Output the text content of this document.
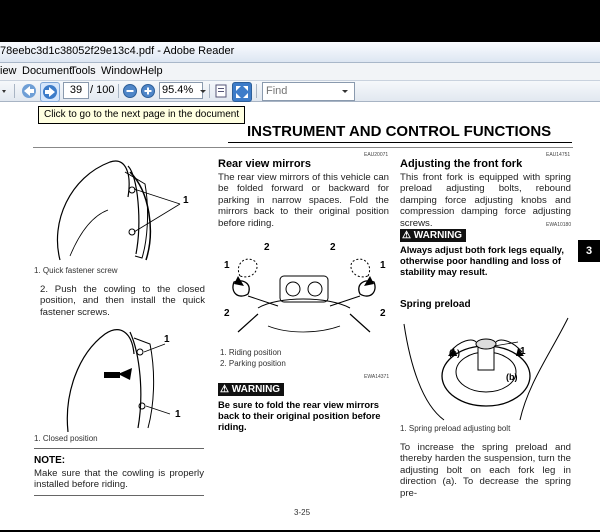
78eebc3d1c38052f29e13c4.pdf - Adobe Reader
iew Document
Tools Window Help
39
/ 100	95.4%
Find
Click to go to the next page in the document
INSTRUMENT AND CONTROL FUNCTIONS
1
1. Quick fastener screw
2. Push the cowling to the closed position, and then install the quick fastener screws.
1
1
1. Closed position
NOTE:
Make sure that the cowling is properly installed before riding.
EAU20071
Rear view mirrors
The rear view mirrors of this vehicle can be folded forward or backward for parking in narrow spaces. Fold the mirrors back to their original position before riding.
2
1
2
1
2	2
1. Riding position
2. Parking position
EWA14371
⚠ WARNING
Be sure to fold the rear view mirrors back to their original position before riding.
EAU14751
Adjusting the front fork
This front fork is equipped with spring preload adjusting bolts, rebound damping force adjusting knobs and compression damping force adjusting screws.	EWA10180
⚠ WARNING
Always adjust both fork legs equally, otherwise poor handling and loss of stability may result.
Spring preload
(a)
(b)
1
1. Spring preload adjusting bolt
To increase the spring preload and thereby harden the suspension, turn the adjusting bolt on each fork leg in direction (a). To decrease the spring pre-
3-25
3
